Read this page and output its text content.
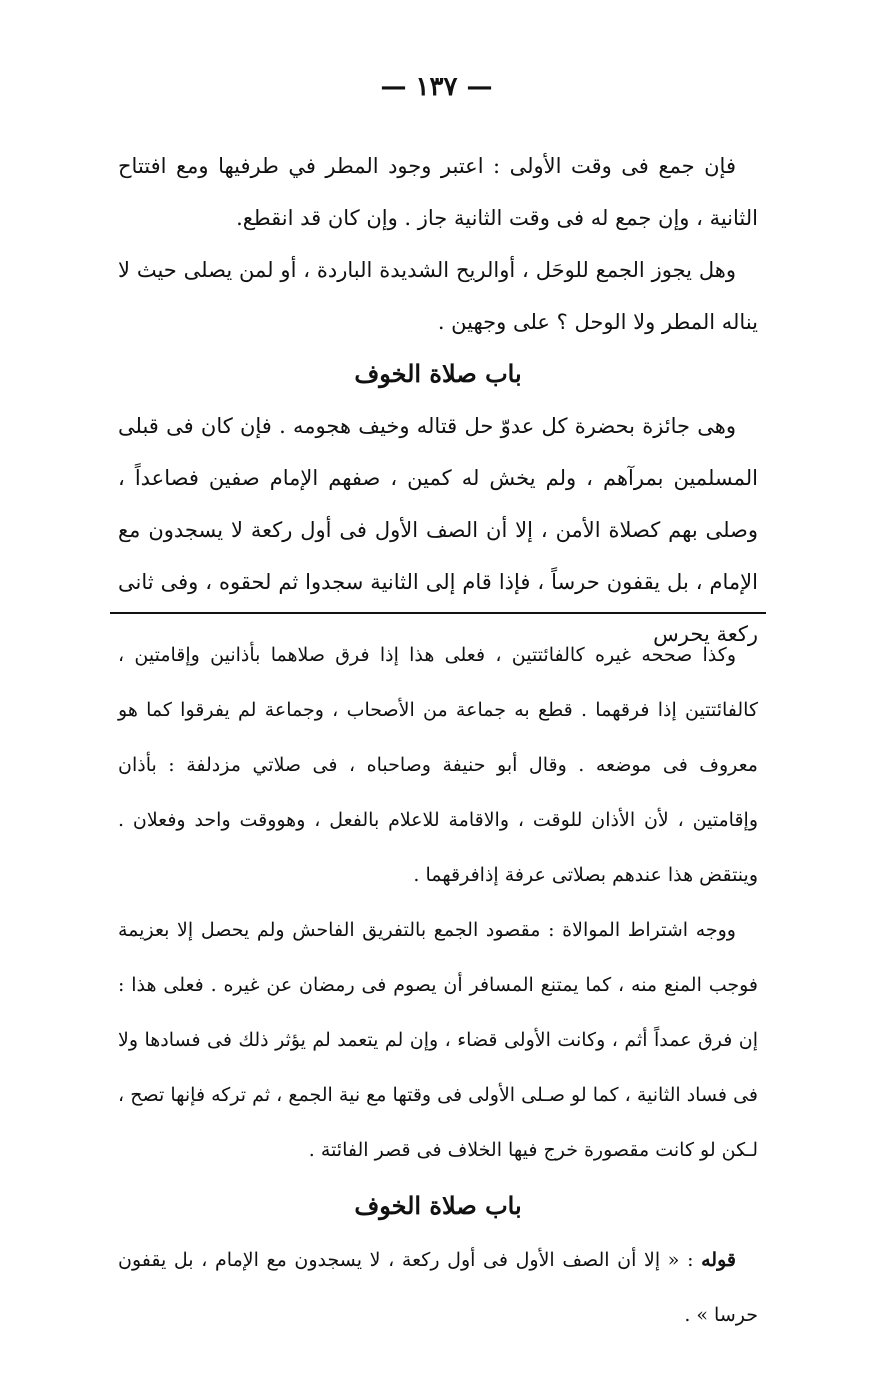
— ١٣٧ —

فإن جمع فى وقت الأولى : اعتبر وجود المطر في طرفيها ومع افتتاح الثانية ، وإن جمع له فى وقت الثانية جاز . وإن كان قد انقطع.

وهل يجوز الجمع للوحَل ، أوالريح الشديدة الباردة ، أو لمن يصلى حيث لا يناله المطر ولا الوحل ؟ على وجهين .

باب صلاة الخوف

وهى جائزة بحضرة كل عدوّ حل قتاله وخيف هجومه . فإن كان فى قبلى المسلمين بمرآهم ، ولم يخش له كمين ، صفهم الإمام صفين فصاعداً ، وصلى بهم كصلاة الأمن ، إلا أن الصف الأول فى أول ركعة لا يسجدون مع الإمام ، بل يقفون حرساً ، فإذا قام إلى الثانية سجدوا ثم لحقوه ، وفى ثانى ركعة يحرس

وكذا صححه غيره كالفائتتين ، فعلى هذا إذا فرق صلاهما بأذانين وإقامتين ، كالفائتتين إذا فرقهما . قطع به جماعة من الأصحاب ، وجماعة لم يفرقوا كما هو معروف فى موضعه . وقال أبو حنيفة وصاحباه ، فى صلاتي مزدلفة : بأذان وإقامتين ، لأن الأذان للوقت ، والاقامة للاعلام بالفعل ، وهووقت واحد وفعلان . وينتقض هذا عندهم بصلاتى عرفة إذافرقهما .

ووجه اشتراط الموالاة : مقصود الجمع بالتفريق الفاحش ولم يحصل إلا بعزيمة فوجب المنع منه ، كما يمتنع المسافر أن يصوم فى رمضان عن غيره . فعلى هذا : إن فرق عمداً أثم ، وكانت الأولى قضاء ، وإن لم يتعمد لم يؤثر ذلك فى فسادها ولا فى فساد الثانية ، كما لو صـلى الأولى فى وقتها مع نية الجمع ، ثم تركه فإنها تصح ، لـكن لو كانت مقصورة خرج فيها الخلاف فى قصر الفائتة .

باب صلاة الخوف

قوله : « إلا أن الصف الأول فى أول ركعة ، لا يسجدون مع الإمام ، بل يقفون حرسا » .
